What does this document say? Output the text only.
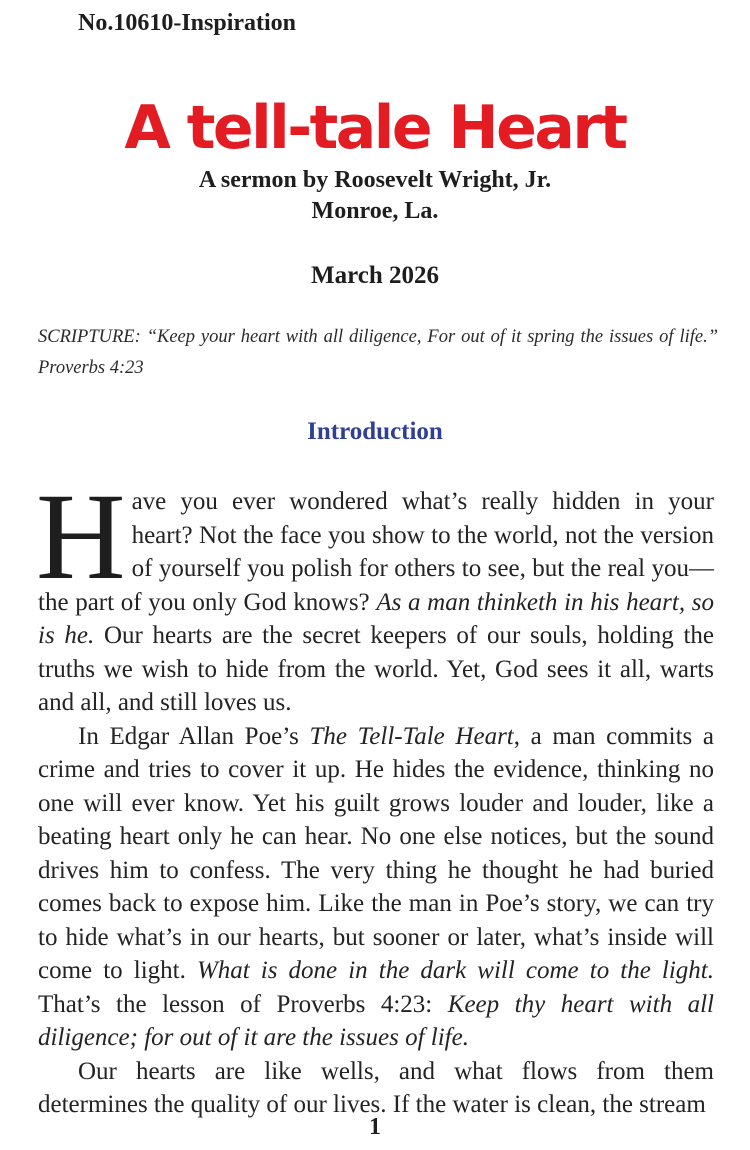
No.10610-Inspiration
A tell-tale Heart
A sermon by Roosevelt Wright, Jr.
Monroe, La.
March 2026
SCRIPTURE: “Keep your heart with all diligence, For out of it spring the issues of life.” Proverbs 4:23
Introduction

Have you ever wondered what’s really hidden in your heart? Not the face you show to the world, not the version of yourself you polish for others to see, but the real you—the part of you only God knows? As a man thinketh in his heart, so is he. Our hearts are the secret keepers of our souls, holding the truths we wish to hide from the world. Yet, God sees it all, warts and all, and still loves us.

In Edgar Allan Poe’s The Tell-Tale Heart, a man commits a crime and tries to cover it up. He hides the evidence, thinking no one will ever know. Yet his guilt grows louder and louder, like a beating heart only he can hear. No one else notices, but the sound drives him to confess. The very thing he thought he had buried comes back to expose him. Like the man in Poe’s story, we can try to hide what’s in our hearts, but sooner or later, what’s inside will come to light. What is done in the dark will come to the light. That’s the lesson of Proverbs 4:23: Keep thy heart with all diligence; for out of it are the issues of life.

Our hearts are like wells, and what flows from them determines the quality of our lives. If the water is clean, the stream

1
